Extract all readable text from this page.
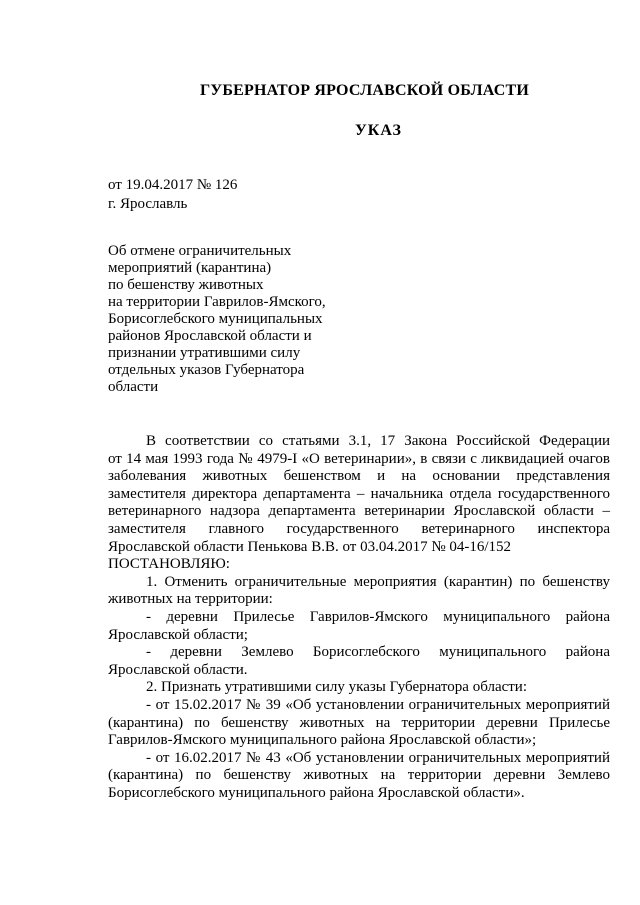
ГУБЕРНАТОР ЯРОСЛАВСКОЙ ОБЛАСТИ
УКАЗ
от 19.04.2017 № 126
г. Ярославль
Об отмене ограничительных
мероприятий (карантина)
по бешенству животных
на территории Гаврилов-Ямского,
Борисоглебского муниципальных
районов Ярославской области и
признании утратившими силу
отдельных указов Губернатора
области
В соответствии со статьями 3.1, 17 Закона Российской Федерации
от 14 мая 1993 года № 4979-I «О ветеринарии», в связи с ликвидацией очагов
заболевания животных бешенством и на основании представления
заместителя директора департамента – начальника отдела государственного
ветеринарного надзора департамента ветеринарии Ярославской области –
заместителя главного государственного ветеринарного инспектора
Ярославской области Пенькова В.В. от 03.04.2017 № 04-16/152
ПОСТАНОВЛЯЮ:
1. Отменить ограничительные мероприятия (карантин) по бешенству
животных на территории:
- деревни Прилесье Гаврилов-Ямского муниципального района
Ярославской области;
- деревни Землево Борисоглебского муниципального района
Ярославской области.
2. Признать утратившими силу указы Губернатора области:
- от 15.02.2017 № 39 «Об установлении ограничительных мероприятий
(карантина) по бешенству животных на территории деревни Прилесье
Гаврилов-Ямского муниципального района Ярославской области»;
- от 16.02.2017 № 43 «Об установлении ограничительных мероприятий
(карантина) по бешенству животных на территории деревни Землево
Борисоглебского муниципального района Ярославской области».
